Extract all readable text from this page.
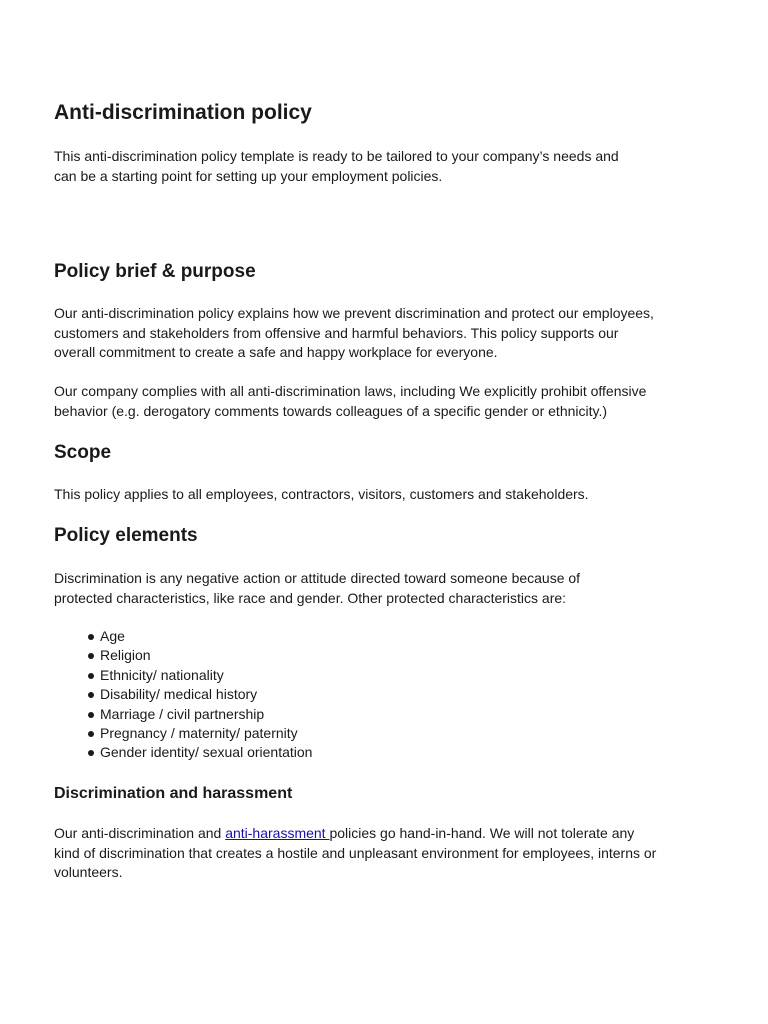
Anti-discrimination policy

This anti-discrimination policy template is ready to be tailored to your company’s needs and
can be a starting point for setting up your employment policies.

Policy brief & purpose

Our anti-discrimination policy explains how we prevent discrimination and protect our employees,
customers and stakeholders from offensive and harmful behaviors. This policy supports our
overall commitment to create a safe and happy workplace for everyone.

Our company complies with all anti-discrimination laws, including We explicitly prohibit offensive
behavior (e.g. derogatory comments towards colleagues of a specific gender or ethnicity.)

Scope

This policy applies to all employees, contractors, visitors, customers and stakeholders.

Policy elements

Discrimination is any negative action or attitude directed toward someone because of
protected characteristics, like race and gender. Other protected characteristics are:

Age
Religion
Ethnicity/ nationality
Disability/ medical history
Marriage / civil partnership
Pregnancy / maternity/ paternity
Gender identity/ sexual orientation
Discrimination and harassment

Our anti-discrimination and anti-harassment policies go hand-in-hand. We will not tolerate any
kind of discrimination that creates a hostile and unpleasant environment for employees, interns or
volunteers.
